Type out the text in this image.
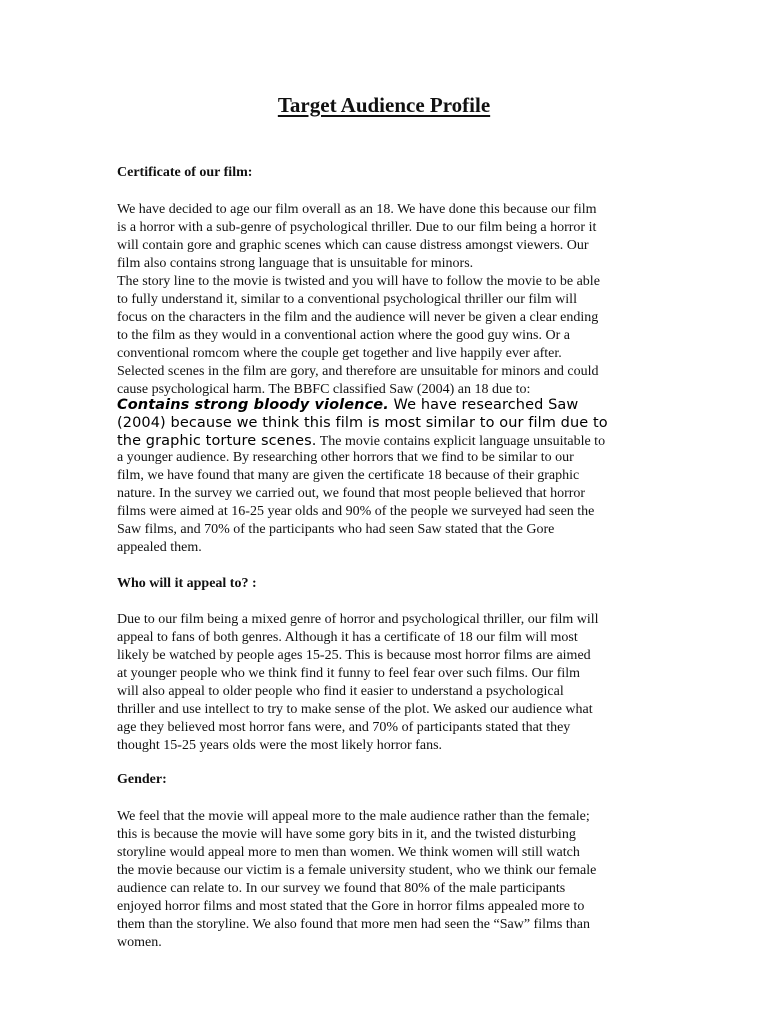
Target Audience Profile

Certificate of our film:

We have decided to age our film overall as an 18. We have done this because our film
is a horror with a sub-genre of psychological thriller. Due to our film being a horror it
will contain gore and graphic scenes which can cause distress amongst viewers. Our
film also contains strong language that is unsuitable for minors.
The story line to the movie is twisted and you will have to follow the movie to be able
to fully understand it, similar to a conventional psychological thriller our film will
focus on the characters in the film and the audience will never be given a clear ending
to the film as they would in a conventional action where the good guy wins. Or a
conventional romcom where the couple get together and live happily ever after.
Selected scenes in the film are gory, and therefore are unsuitable for minors and could
cause psychological harm. The BBFC classified Saw (2004) an 18 due to:
Contains strong bloody violence. We have researched Saw
(2004) because we think this film is most similar to our film due to
the graphic torture scenes. The movie contains explicit language unsuitable to
a younger audience. By researching other horrors that we find to be similar to our
film, we have found that many are given the certificate 18 because of their graphic
nature. In the survey we carried out, we found that most people believed that horror
films were aimed at 16-25 year olds and 90% of the people we surveyed had seen the
Saw films, and 70% of the participants who had seen Saw stated that the Gore
appealed them.

Who will it appeal to? :

Due to our film being a mixed genre of horror and psychological thriller, our film will
appeal to fans of both genres. Although it has a certificate of 18 our film will most
likely be watched by people ages 15-25. This is because most horror films are aimed
at younger people who we think find it funny to feel fear over such films. Our film
will also appeal to older people who find it easier to understand a psychological
thriller and use intellect to try to make sense of the plot. We asked our audience what
age they believed most horror fans were, and 70% of participants stated that they
thought 15-25 years olds were the most likely horror fans.

Gender:

We feel that the movie will appeal more to the male audience rather than the female;
this is because the movie will have some gory bits in it, and the twisted disturbing
storyline would appeal more to men than women. We think women will still watch
the movie because our victim is a female university student, who we think our female
audience can relate to. In our survey we found that 80% of the male participants
enjoyed horror films and most stated that the Gore in horror films appealed more to
them than the storyline. We also found that more men had seen the “Saw” films than
women.
